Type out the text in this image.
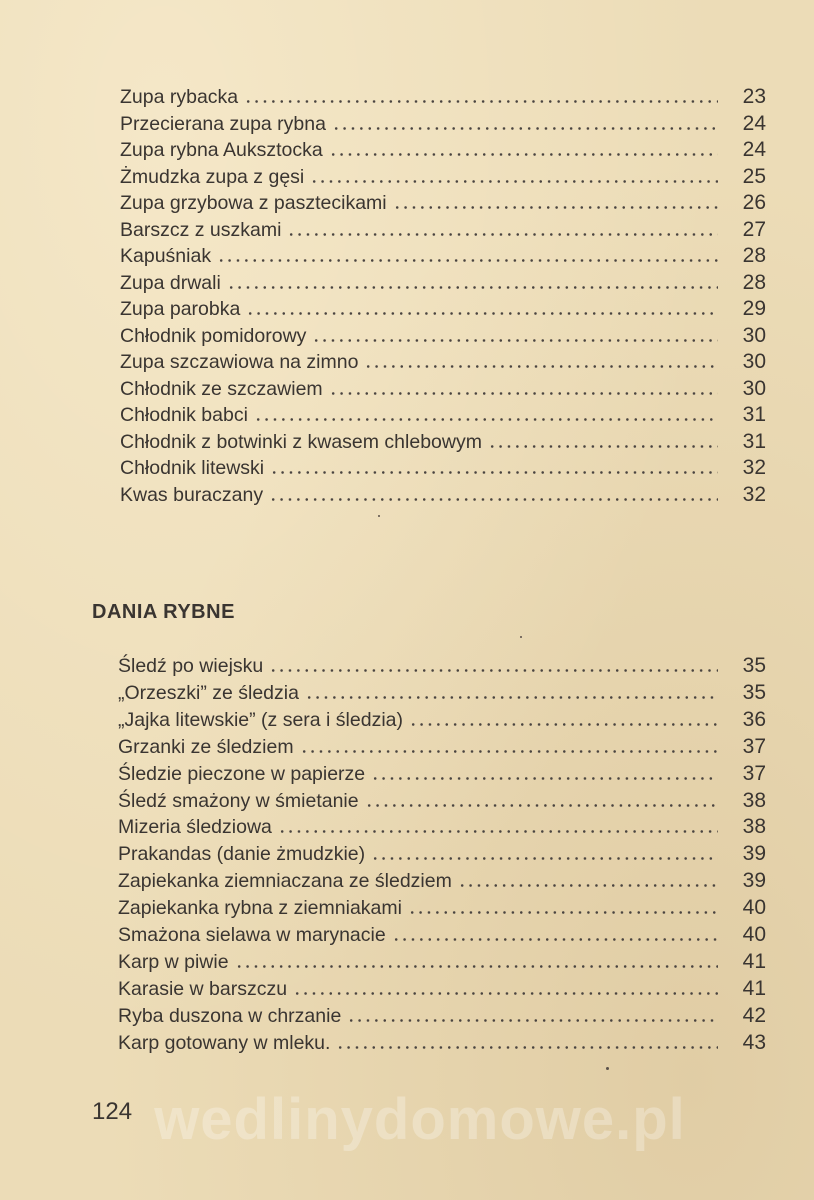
Zupa rybacka	23
Przecierana zupa rybna	24
Zupa rybna Auksztocka	24
Żmudzka zupa z gęsi	25
Zupa grzybowa z pasztecikami	26
Barszcz z uszkami	27
Kapuśniak	28
Zupa drwali	28
Zupa parobka	29
Chłodnik pomidorowy	30
Zupa szczawiowa na zimno	30
Chłodnik ze szczawiem	30
Chłodnik babci	31
Chłodnik z botwinki z kwasem chlebowym	31
Chłodnik litewski	32
Kwas buraczany	32
DANIA RYBNE
Śledź po wiejsku	35
„Orzeszki” ze śledzia	35
„Jajka litewskie” (z sera i śledzia)	36
Grzanki ze śledziem	37
Śledzie pieczone w papierze	37
Śledź smażony w śmietanie	38
Mizeria śledziowa	38
Prakandas (danie żmudzkie)	39
Zapiekanka ziemniaczana ze śledziem	39
Zapiekanka rybna z ziemniakami	40
Smażona sielawa w marynacie	40
Karp w piwie	41
Karasie w barszczu	41
Ryba duszona w chrzanie	42
Karp gotowany w mleku.	43
wedlinydomowe.pl
124
